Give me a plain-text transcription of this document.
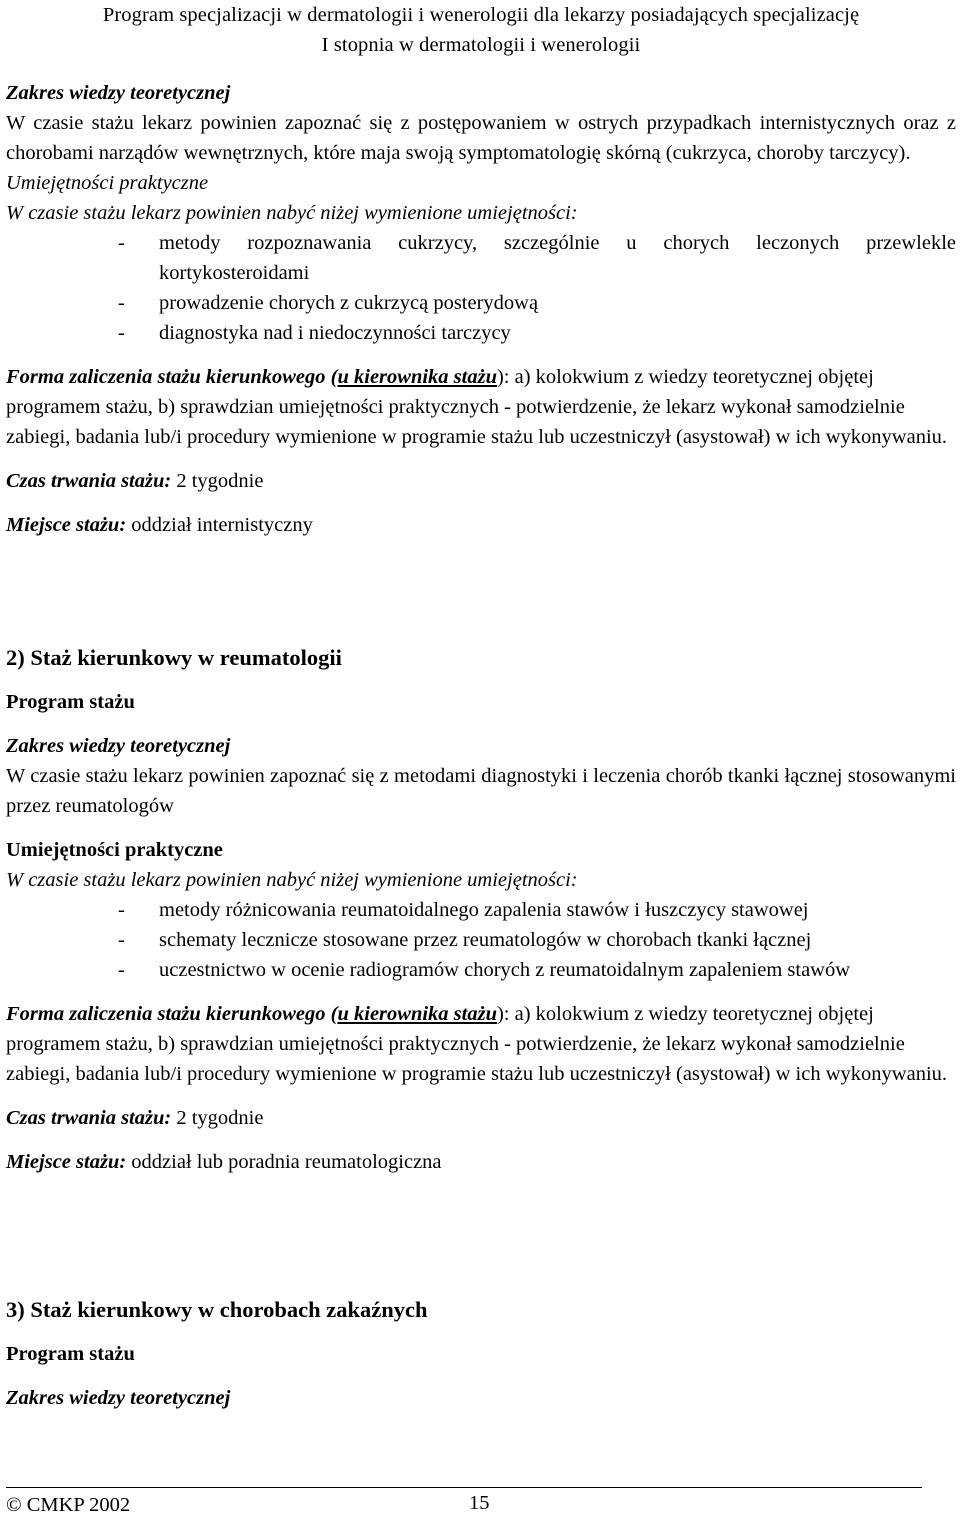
Program specjalizacji w dermatologii i wenerologii dla lekarzy posiadających specjalizację
I stopnia w dermatologii i wenerologii

Zakres wiedzy teoretycznej

W czasie stażu lekarz powinien zapoznać się z postępowaniem w ostrych przypadkach internistycznych oraz z chorobami narządów wewnętrznych, które maja swoją symptomatologię skórną (cukrzyca, choroby tarczycy).

Umiejętności praktyczne

W czasie stażu lekarz powinien nabyć niżej wymienione umiejętności:

- metody rozpoznawania cukrzycy, szczególnie u chorych leczonych przewlekle kortykosteroidami
- prowadzenie chorych z cukrzycą posterydową
- diagnostyka nad i niedoczynności tarczycy

Forma zaliczenia stażu kierunkowego (u kierownika stażu): a) kolokwium z wiedzy teoretycznej objętej programem stażu, b) sprawdzian umiejętności praktycznych - potwierdzenie, że lekarz wykonał samodzielnie zabiegi, badania lub/i procedury wymienione w programie stażu lub uczestniczył (asystował) w ich wykonywaniu.

Czas trwania stażu: 2 tygodnie

Miejsce stażu: oddział internistyczny

2) Staż kierunkowy w reumatologii

Program stażu

Zakres wiedzy teoretycznej

W czasie stażu lekarz powinien zapoznać się z metodami diagnostyki i leczenia chorób tkanki łącznej stosowanymi przez reumatologów

Umiejętności praktyczne

W czasie stażu lekarz powinien nabyć niżej wymienione umiejętności:

- metody różnicowania reumatoidalnego zapalenia stawów i łuszczycy stawowej
- schematy lecznicze stosowane przez reumatologów w chorobach tkanki łącznej
- uczestnictwo w ocenie radiogramów chorych z reumatoidalnym zapaleniem stawów

Forma zaliczenia stażu kierunkowego (u kierownika stażu): a) kolokwium z wiedzy teoretycznej objętej programem stażu, b) sprawdzian umiejętności praktycznych - potwierdzenie, że lekarz wykonał samodzielnie zabiegi, badania lub/i procedury wymienione w programie stażu lub uczestniczył (asystował) w ich wykonywaniu.

Czas trwania stażu: 2 tygodnie

Miejsce stażu: oddział lub poradnia reumatologiczna

3) Staż kierunkowy w chorobach zakaźnych

Program stażu

Zakres wiedzy teoretycznej

© CMKP 2002	15
